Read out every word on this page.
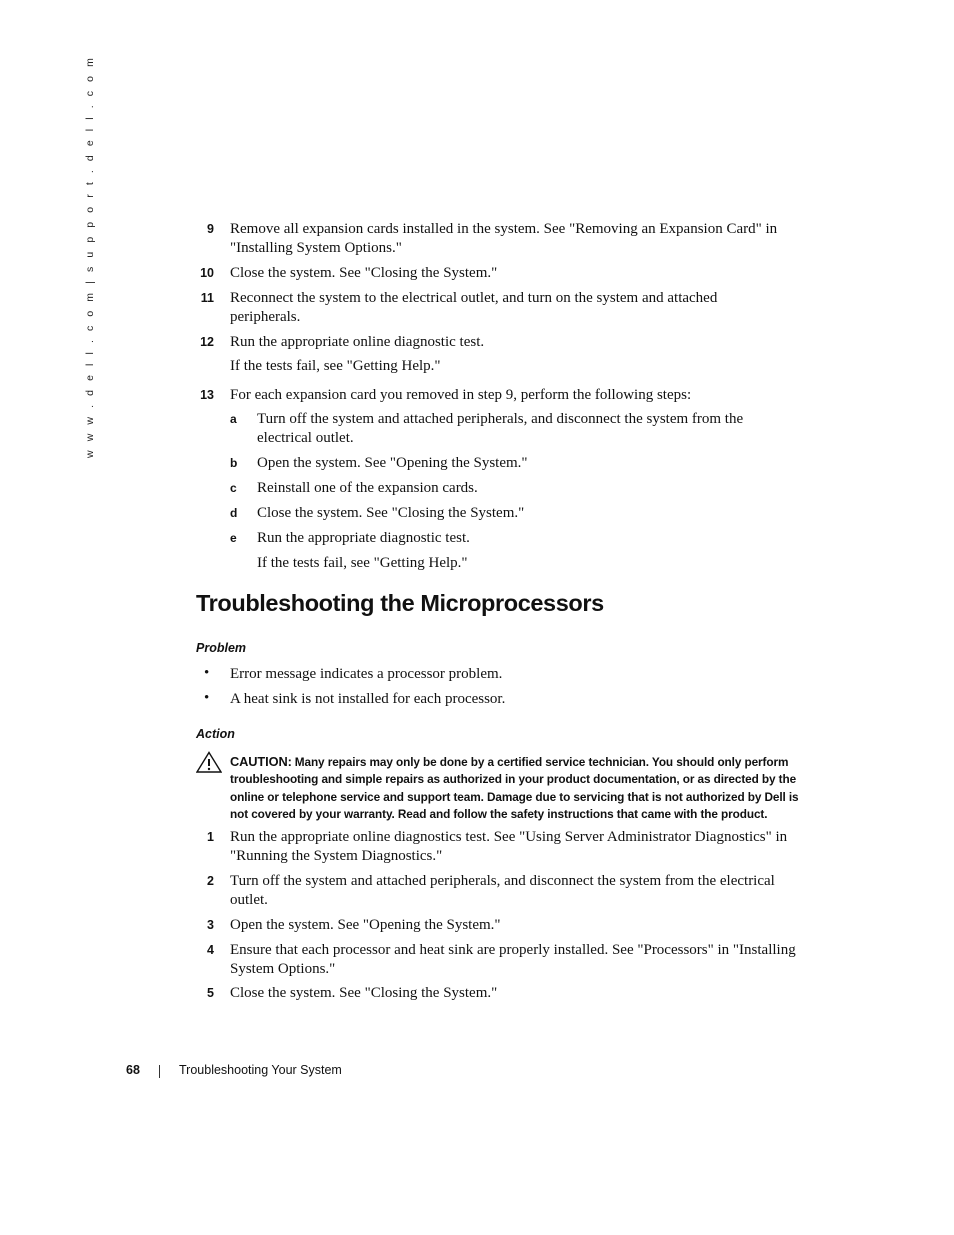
w w w . d e l l . c o m | s u p p o r t . d e l l . c o m	9 Remove all expansion cards installed in the system. See "Removing an Expansion Card" in
"Installing System Options."
10 Close the system. See "Closing the System."
11 Reconnect the system to the electrical outlet, and turn on the system and attached
peripherals.
12 Run the appropriate online diagnostic test.
If the tests fail, see "Getting Help."
13 For each expansion card you removed in step 9, perform the following steps:
a Turn off the system and attached peripherals, and disconnect the system from the
electrical outlet.
b Open the system. See "Opening the System."
c Reinstall one of the expansion cards.
d Close the system. See "Closing the System."
e Run the appropriate diagnostic test.
If the tests fail, see "Getting Help."
Troubleshooting the Microprocessors
Problem
• Error message indicates a processor problem.
• A heat sink is not installed for each processor.
Action
CAUTION: Many repairs may only be done by a certified service technician. You should only perform
troubleshooting and simple repairs as authorized in your product documentation, or as directed by the
online or telephone service and support team. Damage due to servicing that is not authorized by Dell is
not covered by your warranty. Read and follow the safety instructions that came with the product.
1 Run the appropriate online diagnostics test. See "Using Server Administrator Diagnostics" in
"Running the System Diagnostics."
2 Turn off the system and attached peripherals, and disconnect the system from the electrical
outlet.
3 Open the system. See "Opening the System."
4 Ensure that each processor and heat sink are properly installed. See "Processors" in "Installing
System Options."
5 Close the system. See "Closing the System."
68	Troubleshooting Your System
